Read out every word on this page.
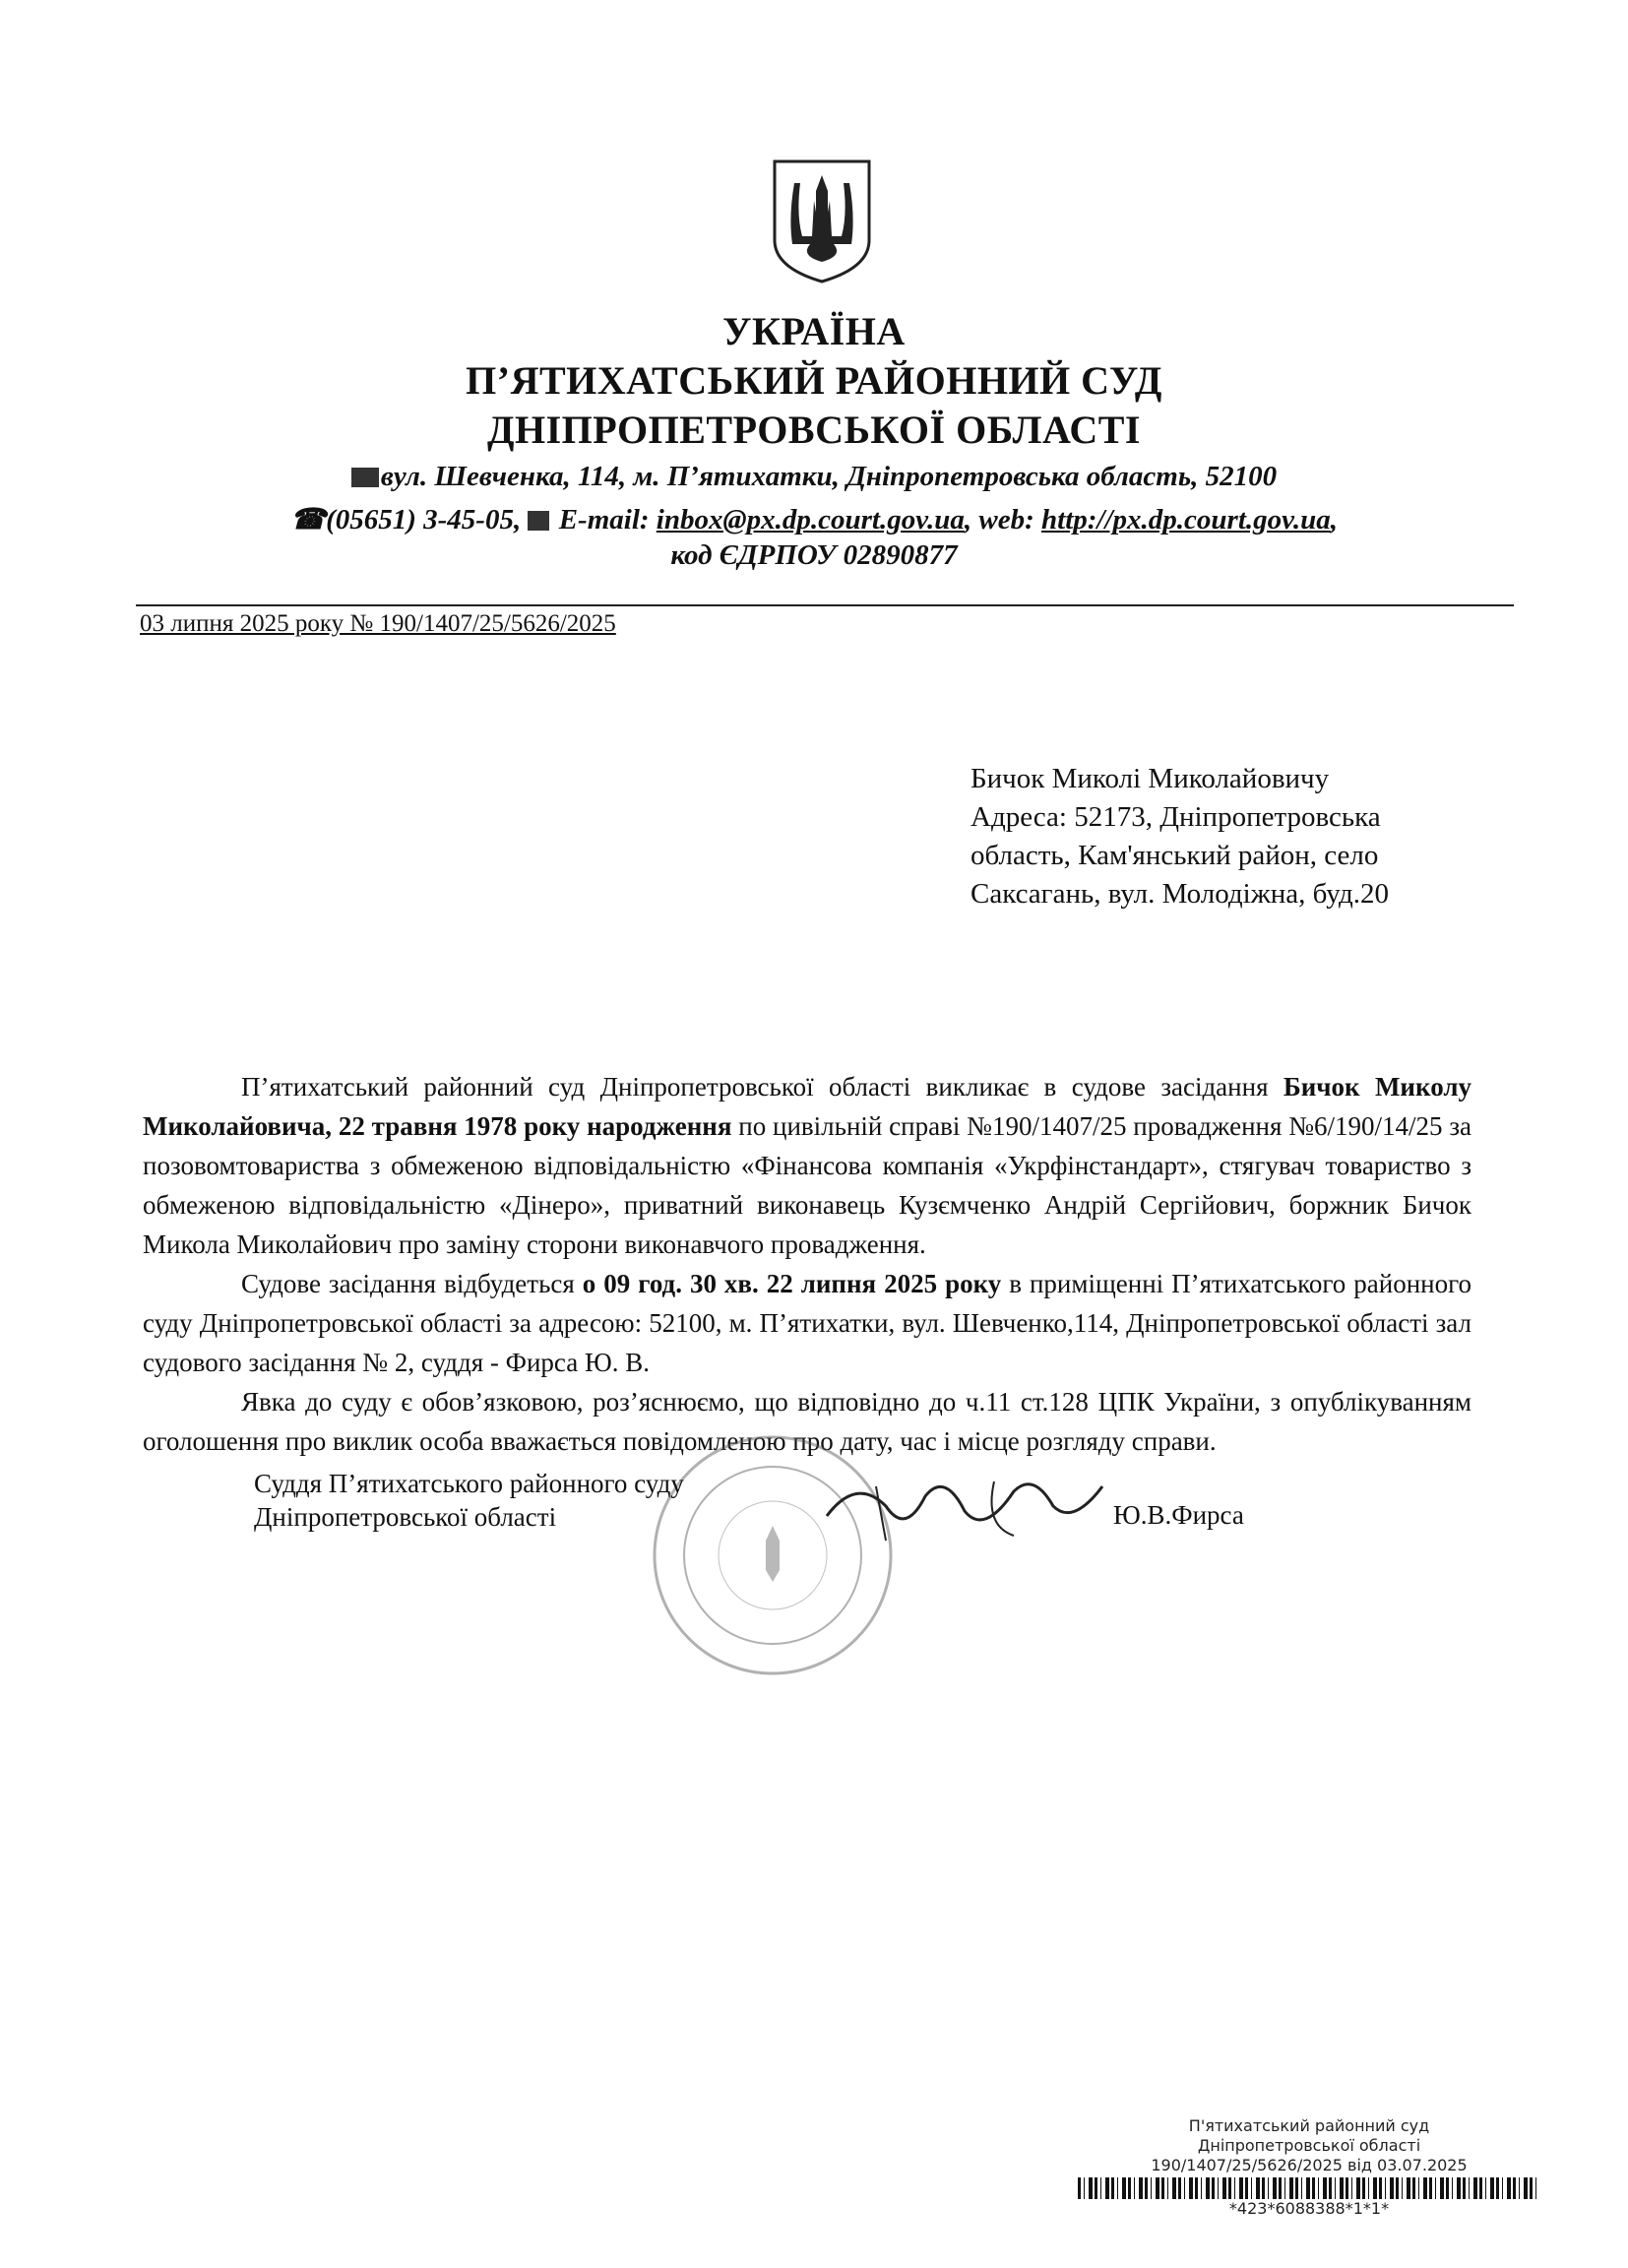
УКРАЇНА
П’ЯТИХАТСЬКИЙ РАЙОННИЙ СУД
ДНІПРОПЕТРОВСЬКОЇ ОБЛАСТІ
вул. Шевченка, 114, м. П’ятихатки, Дніпропетровська область, 52100
☎(05651) 3-45-05, E-mail: inbox@px.dp.court.gov.ua, web: http://px.dp.court.gov.ua,
код ЄДРПОУ 02890877
03 липня 2025 року № 190/1407/25/5626/2025
Бичок Миколі Миколайовичу
Адреса: 52173, Дніпропетровська область, Кам'янський район, село Саксагань, вул. Молодіжна, буд.20

П’ятихатський районний суд Дніпропетровської області викликає в судове засідання Бичок Миколу Миколайовича, 22 травня 1978 року народження по цивільній справі №190/1407/25 провадження №6/190/14/25 за позовомтовариства з обмеженою відповідальністю «Фінансова компанія «Укрфінстандарт», стягувач товариство з обмеженою відповідальністю «Дінеро», приватний виконавець Кузємченко Андрій Сергійович, боржник Бичок Микола Миколайович про заміну сторони виконавчого провадження.

Судове засідання відбудеться о 09 год. 30 хв. 22 липня 2025 року в приміщенні П’ятихатського районного суду Дніпропетровської області за адресою: 52100, м. П’ятихатки, вул. Шевченко,114, Дніпропетровської області зал судового засідання № 2, суддя - Фирса Ю. В.

Явка до суду є обов’язковою, роз’яснюємо, що відповідно до ч.11 ст.128 ЦПК України, з опублікуванням оголошення про виклик особа вважається повідомленою про дату, час і місце розгляду справи.

Суддя П’ятихатського районного суду
Дніпропетровської області	Ю.В.Фирса
П'ятихатський районний суд
Дніпропетровської області
190/1407/25/5626/2025 від 03.07.2025
*423*6088388*1*1*
